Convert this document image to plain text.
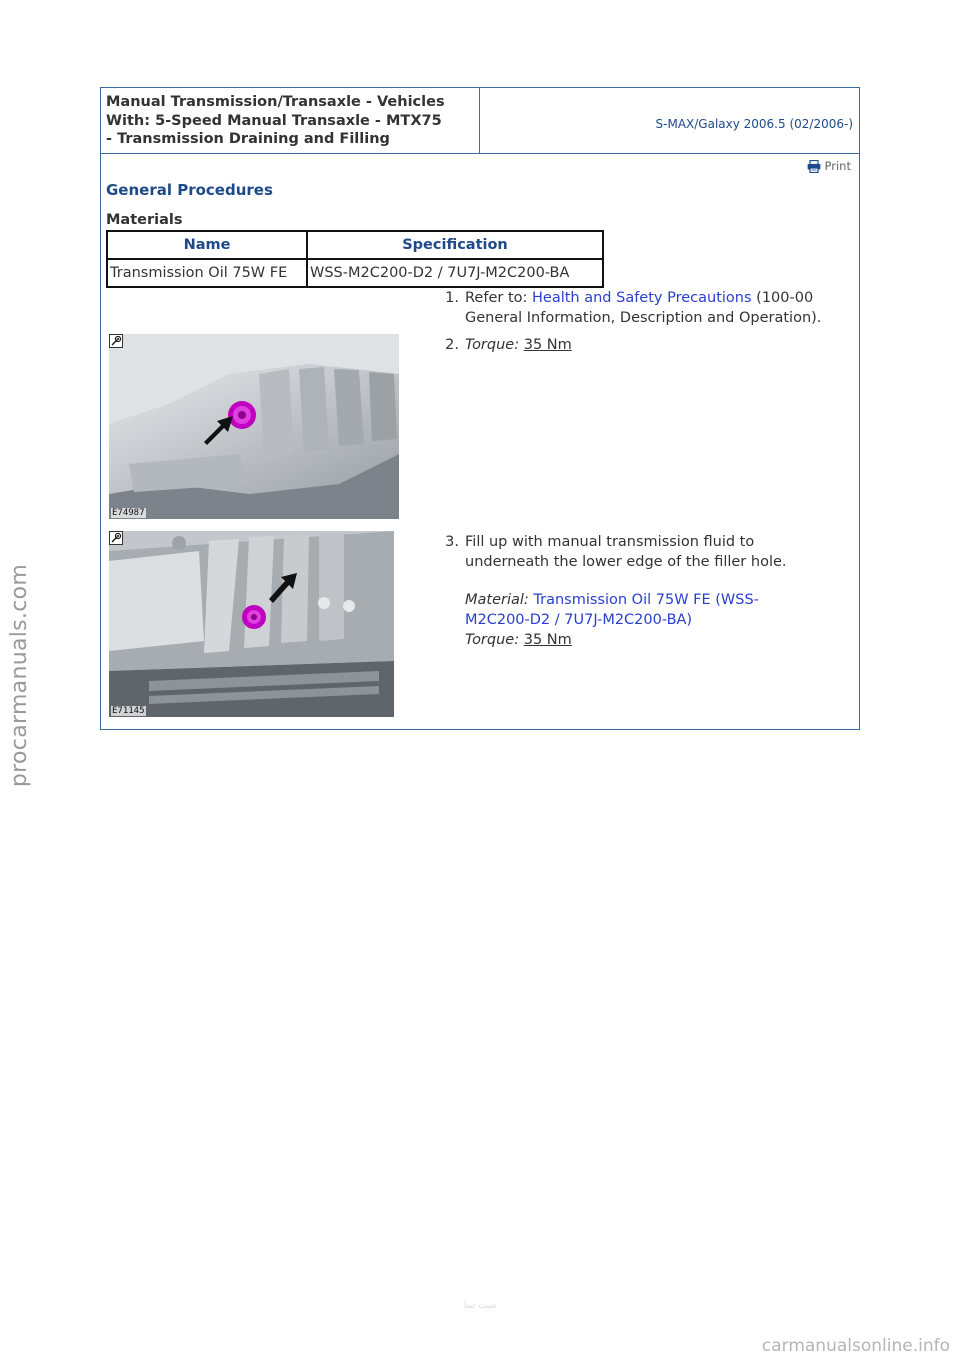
procarmanuals.com
Manual Transmission/Transaxle - Vehicles
With: 5-Speed Manual Transaxle - MTX75
- Transmission Draining and Filling
S-MAX/Galaxy 2006.5 (02/2006-)
Print
General Procedures
Materials
Name	Specification
Transmission Oil 75W FE	WSS-M2C200-D2 / 7U7J-M2C200-BA
1. Refer to: Health and Safety Precautions (100-00
General Information, Description and Operation).
E74987
2. Torque: 35 Nm
E71145
3. Fill up with manual transmission fluid to
underneath the lower edge of the filler hole.
Material: Transmission Oil 75W FE (WSS-
M2C200-D2 / 7U7J-M2C200-BA)
Torque: 35 Nm
ست سا
carmanualsonline.info
